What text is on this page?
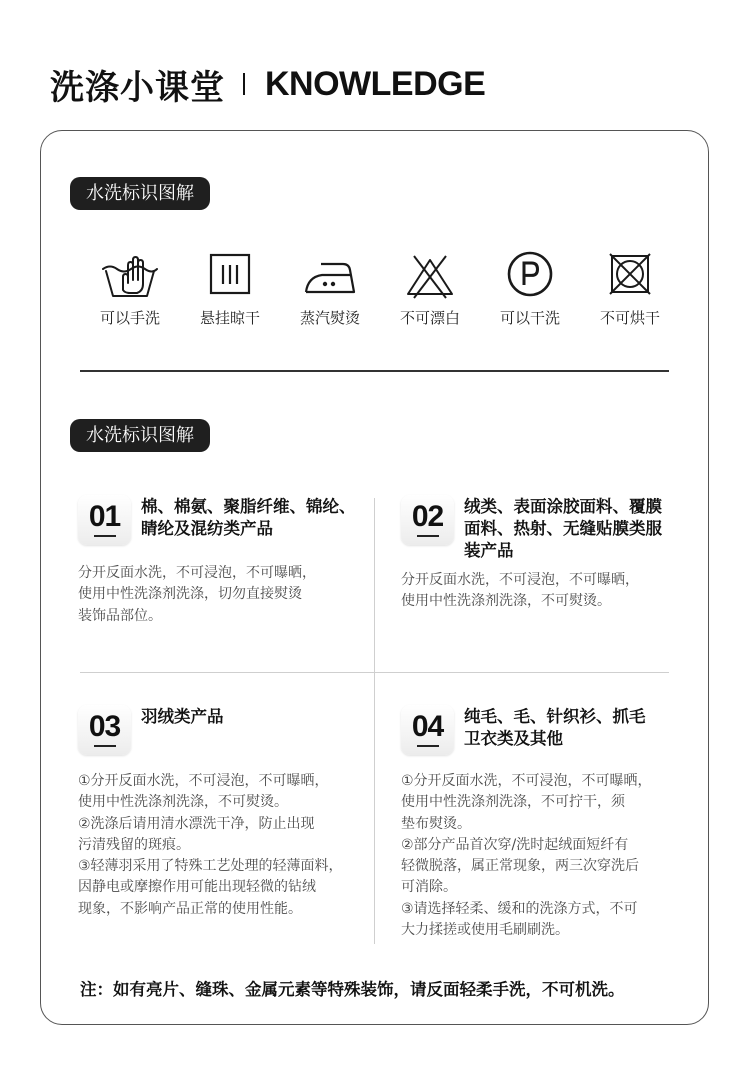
洗涤小课堂 KNOWLEDGE
水洗标识图解
可以手洗	悬挂晾干	蒸汽熨烫	不可漂白	可以干洗	不可烘干
水洗标识图解
01	棉、棉氨、聚脂纤维、锦纶、
睛纶及混纺类产品
分开反面水洗，不可浸泡，不可曝晒，
使用中性洗涤剂洗涤，切勿直接熨烫
装饰品部位。
02	绒类、表面涂胶面料、覆膜
面料、热射、无缝贴膜类服
装产品
分开反面水洗，不可浸泡，不可曝晒，
使用中性洗涤剂洗涤，不可熨烫。
03	羽绒类产品
①分开反面水洗，不可浸泡，不可曝晒，
使用中性洗涤剂洗涤，不可熨烫。
②洗涤后请用清水漂洗干净，防止出现
污清残留的斑痕。
③轻薄羽采用了特殊工艺处理的轻薄面料，
因静电或摩擦作用可能出现轻微的钻绒
现象，不影响产品正常的使用性能。
04	纯毛、毛、针织衫、抓毛
卫衣类及其他
①分开反面水洗，不可浸泡，不可曝晒，
使用中性洗涤剂洗涤，不可拧干，须
垫布熨烫。
②部分产品首次穿/洗时起绒面短纤有
轻微脱落，属正常现象，两三次穿洗后
可消除。
③请选择轻柔、缓和的洗涤方式，不可
大力揉搓或使用毛刷刷洗。
注：如有亮片、缝珠、金属元素等特殊装饰，请反面轻柔手洗，不可机洗。
